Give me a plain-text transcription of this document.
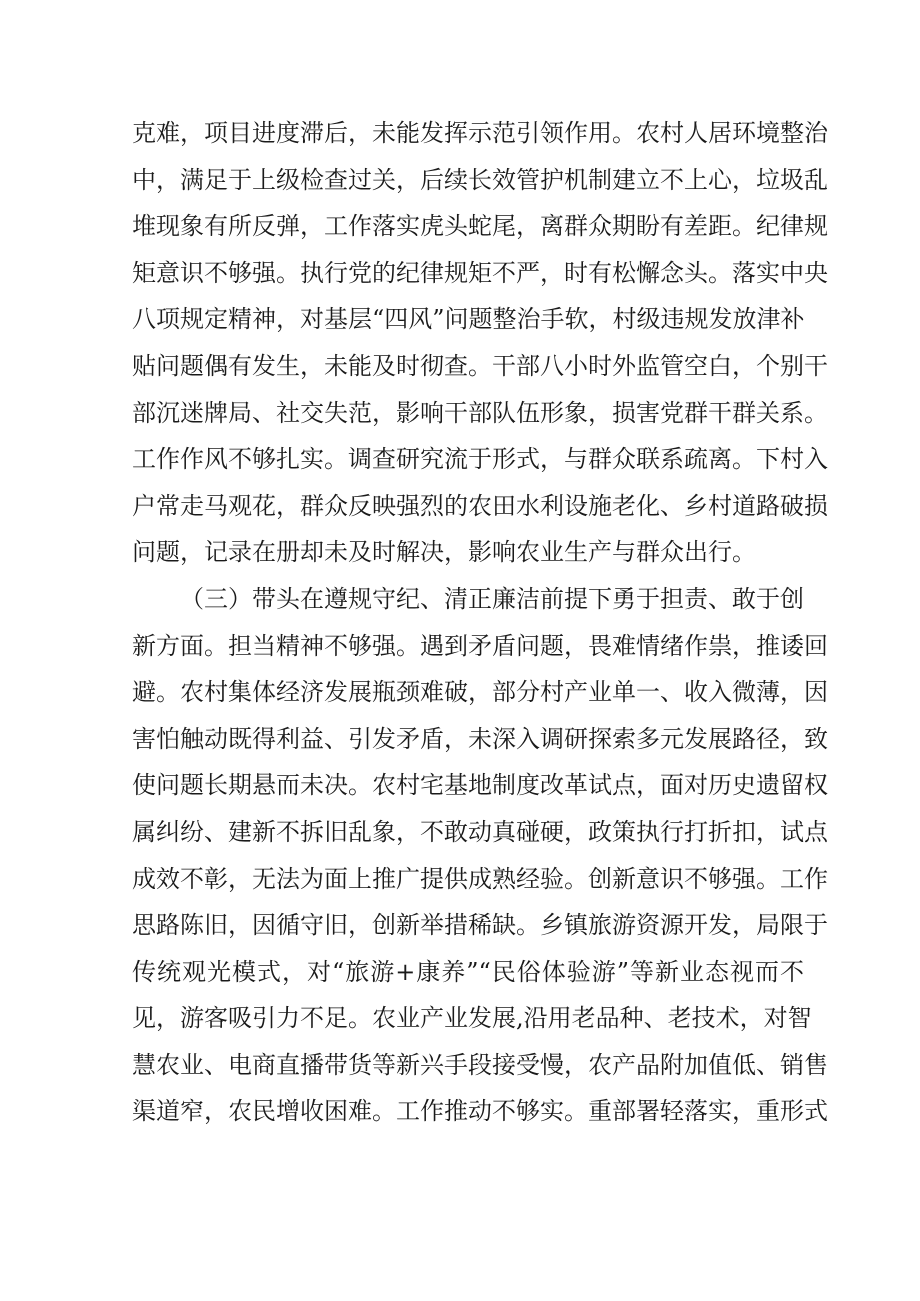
克难，项目进度滞后，未能发挥示范引领作用。农村人居环境整治
中，满足于上级检查过关，后续长效管护机制建立不上心，垃圾乱
堆现象有所反弹，工作落实虎头蛇尾，离群众期盼有差距。纪律规
矩意识不够强。执行党的纪律规矩不严，时有松懈念头。落实中央
八项规定精神，对基层“四风”问题整治手软，村级违规发放津补
贴问题偶有发生，未能及时彻查。干部八小时外监管空白，个别干
部沉迷牌局、社交失范，影响干部队伍形象，损害党群干群关系。
工作作风不够扎实。调查研究流于形式，与群众联系疏离。下村入
户常走马观花，群众反映强烈的农田水利设施老化、乡村道路破损
问题，记录在册却未及时解决，影响农业生产与群众出行。
（三）带头在遵规守纪、清正廉洁前提下勇于担责、敢于创
新方面。担当精神不够强。遇到矛盾问题，畏难情绪作祟，推诿回
避。农村集体经济发展瓶颈难破，部分村产业单一、收入微薄，因
害怕触动既得利益、引发矛盾，未深入调研探索多元发展路径，致
使问题长期悬而未决。农村宅基地制度改革试点，面对历史遗留权
属纠纷、建新不拆旧乱象，不敢动真碰硬，政策执行打折扣，试点
成效不彰，无法为面上推广提供成熟经验。创新意识不够强。工作
思路陈旧，因循守旧，创新举措稀缺。乡镇旅游资源开发，局限于
传统观光模式，对“旅游+康养”“民俗体验游”等新业态视而不
见，游客吸引力不足。农业产业发展,沿用老品种、老技术，对智
慧农业、电商直播带货等新兴手段接受慢，农产品附加值低、销售
渠道窄，农民增收困难。工作推动不够实。重部署轻落实，重形式
